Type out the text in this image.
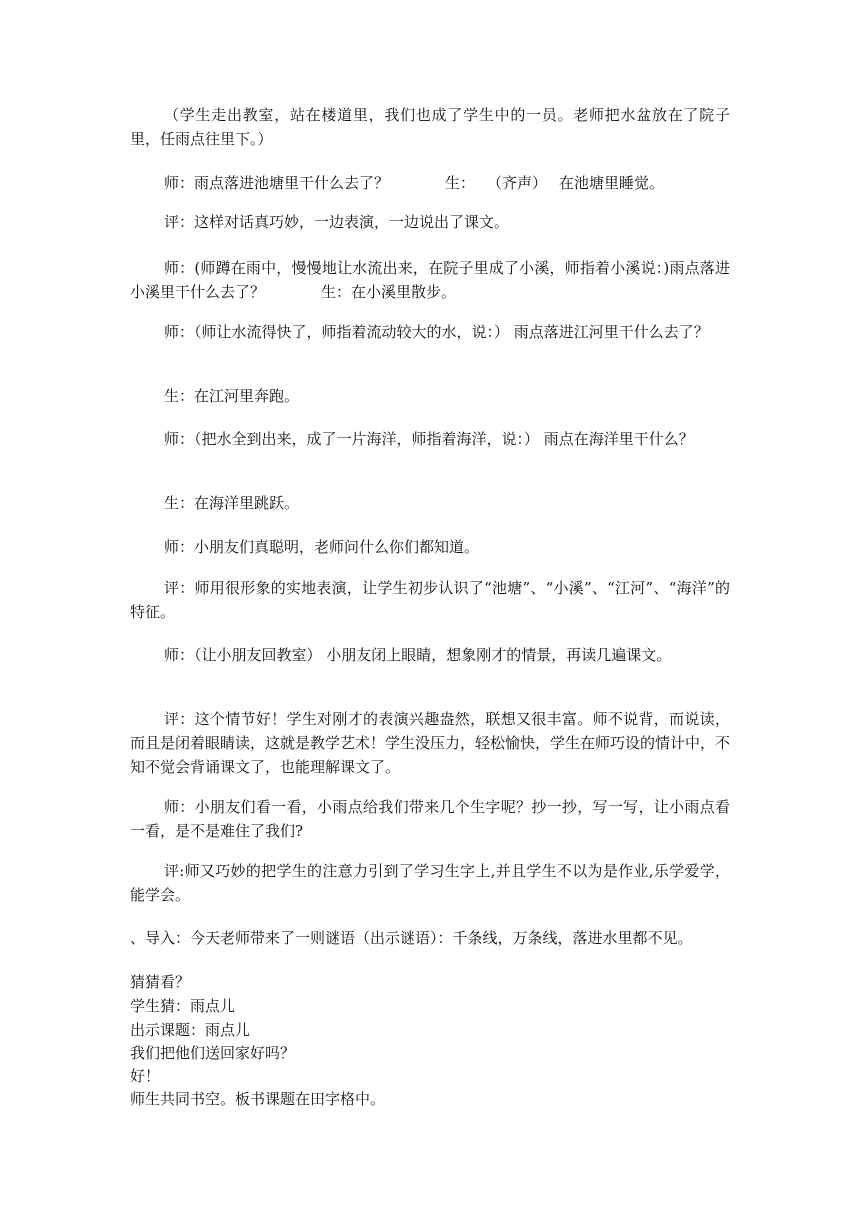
（学生走出教室，站在楼道里，我们也成了学生中的一员。老师把水盆放在了院子里，任雨点往里下。）
师：雨点落进池塘里干什么去了？	生： （齐声） 在池塘里睡觉。
评：这样对话真巧妙，一边表演，一边说出了课文。
师：(师蹲在雨中，慢慢地让水流出来，在院子里成了小溪，师指着小溪说：)雨点落进小溪里干什么去了？	生：在小溪里散步。
师：（师让水流得快了，师指着流动较大的水，说：） 雨点落进江河里干什么去了？
生：在江河里奔跑。
师：（把水全到出来，成了一片海洋，师指着海洋，说：） 雨点在海洋里干什么？
生：在海洋里跳跃。
师：小朋友们真聪明，老师问什么你们都知道。
评：师用很形象的实地表演，让学生初步认识了“池塘”、“小溪”、“江河”、“海洋”的特征。
师：（让小朋友回教室） 小朋友闭上眼睛，想象刚才的情景，再读几遍课文。
评：这个情节好！学生对刚才的表演兴趣盎然，联想又很丰富。师不说背，而说读，而且是闭着眼睛读，这就是教学艺术！学生没压力，轻松愉快，学生在师巧设的情计中，不知不觉会背诵课文了，也能理解课文了。
师：小朋友们看一看，小雨点给我们带来几个生字呢？抄一抄，写一写，让小雨点看一看，是不是难住了我们?
评:师又巧妙的把学生的注意力引到了学习生字上,并且学生不以为是作业,乐学爱学，能学会。
、导入：今天老师带来了一则谜语（出示谜语）：千条线，万条线，落进水里都不见。
猜猜看？
学生猜：雨点儿
出示课题：雨点儿
我们把他们送回家好吗？
好！
师生共同书空。板书课题在田字格中。
